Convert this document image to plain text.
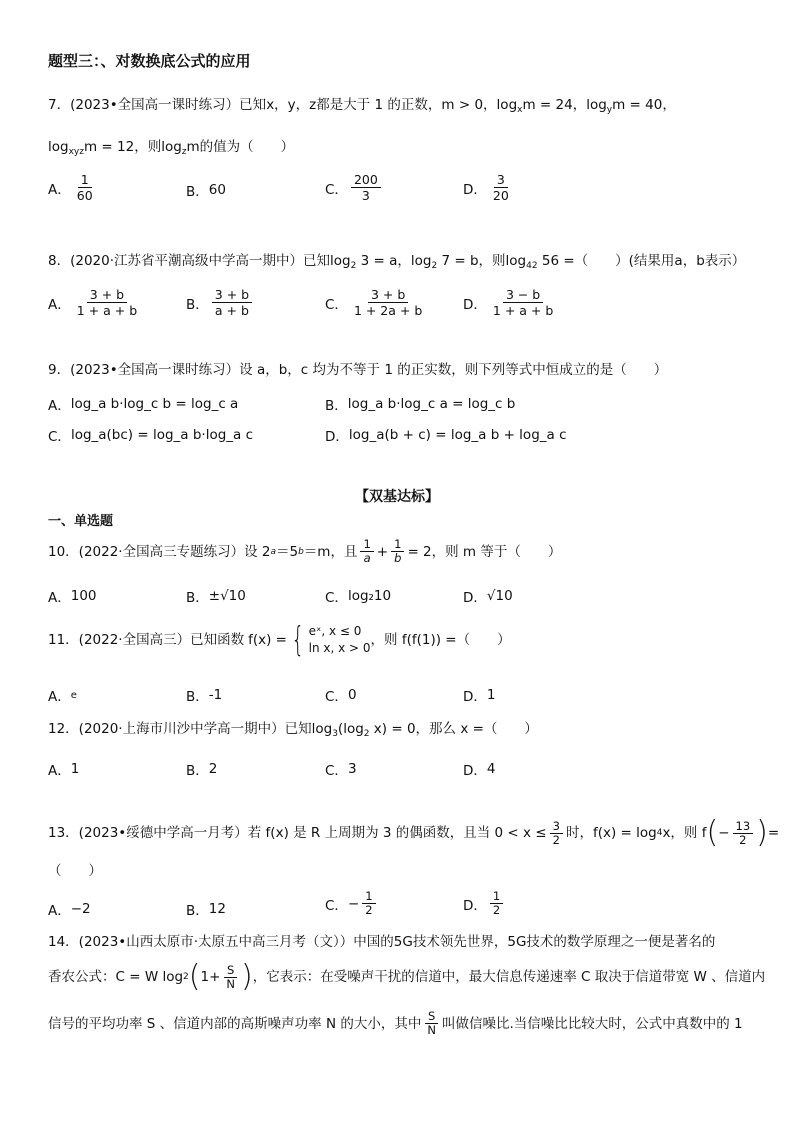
题型三：、对数换底公式的应用
7．(2023•全国高一课时练习）已知x，y，z都是大于 1 的正数，m > 0，$\log_xm = 24$，$\log_ym = 40$，
$\log_{xyz}m = 12$，则$\log_zm$的值为（　　）
A． $\frac{1}{60}$	B． 60	C． $\frac{200}{3}$	D． $\frac{3}{20}$
8．(2020·江苏省平潮高级中学高一期中）已知$\log_2 3 = a$，$\log_2 7 = b$，则$\log_{42} 56$ =（　　）(结果用a，b表示）
A． $\frac{3 + b}{1 + a + b}$	B． $\frac{3 + b}{a + b}$	C． $\frac{3 + b}{1 + 2a + b}$	D． $\frac{3 - b}{1 + a + b}$
9．(2023•全国高一课时练习）设 a，b，c 均为不等于 1 的正实数，则下列等式中恒成立的是（　　）
A． log_a b·log_c b = log_c a	B． log_a b·log_c a = log_c b
C． log_a(bc) = log_a b·log_a c	D． log_a(b + c) = log_a b + log_a c
【双基达标】
一、单选题
10．(2022·全国高三专题练习）设 2 a ＝5 b ＝m，且 $\frac{1}{a} + \frac{1}{b} = 2$，则 m 等于（　　）
A． 100	B． ±√10	C． log₂10	D． √10
11．(2022·全国高三）已知函数 f(x) = { eˣ, x ≤ 0
ln x, x > 0 ，则 f(f(1)) =（　　）
A． e	B． -1	C． 0	D． 1
12．(2020·上海市川沙中学高一期中）已知$\log_3(\log_2$ x) = 0，那么 x =（　　）
A． 1	B． 2	C． 3	D． 4
13．(2023•绥德中学高一月考）若 f(x) 是 R 上周期为 3 的偶函数，且当 $0 < x \le \frac{3}{2}$ 时，f(x) = log 4 x，则 f ( − $\frac{13}{2}$ ) =
（　　）
A． −2	B． 12	C． − $\frac{1}{2}$	D． $\frac{1}{2}$
14．(2023•山西太原市·太原五中高三月考（文））中国的5G技术领先世界，5G技术的数学原理之一便是著名的
香农公式：C = W log 2 ( $1+ \frac{S}{N}$ ) ，它表示：在受噪声干扰的信道中，最大信息传递速率 C 取决于信道带宽 W 、信道内
信号的平均功率 S 、信道内部的高斯噪声功率 N 的大小，其中 $\frac{S}{N}$ 叫做信噪比.当信噪比比较大时，公式中真数中的 1
